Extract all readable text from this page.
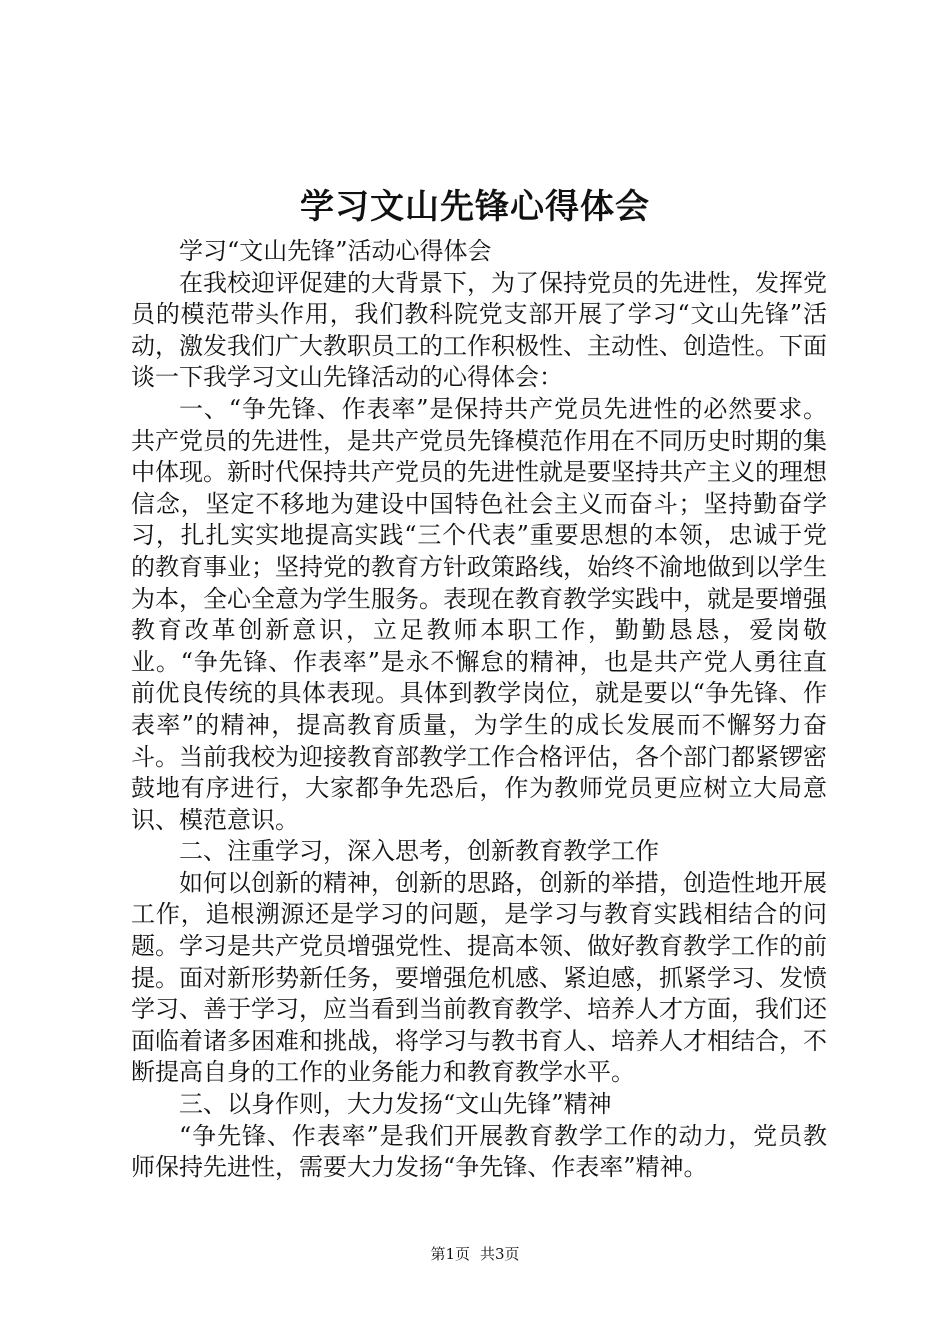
学习文山先锋心得体会

学习“文山先锋”活动心得体会

在我校迎评促建的大背景下，为了保持党员的先进性，发挥党员的模范带头作用，我们教科院党支部开展了学习“文山先锋”活动，激发我们广大教职员工的工作积极性、主动性、创造性。下面谈一下我学习文山先锋活动的心得体会：

一、“争先锋、作表率”是保持共产党员先进性的必然要求。共产党员的先进性，是共产党员先锋模范作用在不同历史时期的集中体现。新时代保持共产党员的先进性就是要坚持共产主义的理想信念，坚定不移地为建设中国特色社会主义而奋斗；坚持勤奋学习，扎扎实实地提高实践“三个代表”重要思想的本领，忠诚于党的教育事业；坚持党的教育方针政策路线，始终不渝地做到以学生为本，全心全意为学生服务。表现在教育教学实践中，就是要增强教育改革创新意识，立足教师本职工作，勤勤恳恳，爱岗敬业。“争先锋、作表率”是永不懈怠的精神，也是共产党人勇往直前优良传统的具体表现。具体到教学岗位，就是要以“争先锋、作表率”的精神，提高教育质量，为学生的成长发展而不懈努力奋斗。当前我校为迎接教育部教学工作合格评估，各个部门都紧锣密鼓地有序进行，大家都争先恐后，作为教师党员更应树立大局意识、模范意识。

二、注重学习，深入思考，创新教育教学工作

如何以创新的精神，创新的思路，创新的举措，创造性地开展工作，追根溯源还是学习的问题，是学习与教育实践相结合的问题。学习是共产党员增强党性、提高本领、做好教育教学工作的前提。面对新形势新任务，要增强危机感、紧迫感，抓紧学习、发愤学习、善于学习，应当看到当前教育教学、培养人才方面，我们还面临着诸多困难和挑战，将学习与教书育人、培养人才相结合，不断提高自身的工作的业务能力和教育教学水平。

三、以身作则，大力发扬“文山先锋”精神

“争先锋、作表率”是我们开展教育教学工作的动力，党员教师保持先进性，需要大力发扬“争先锋、作表率”精神。

第1页 共3页
